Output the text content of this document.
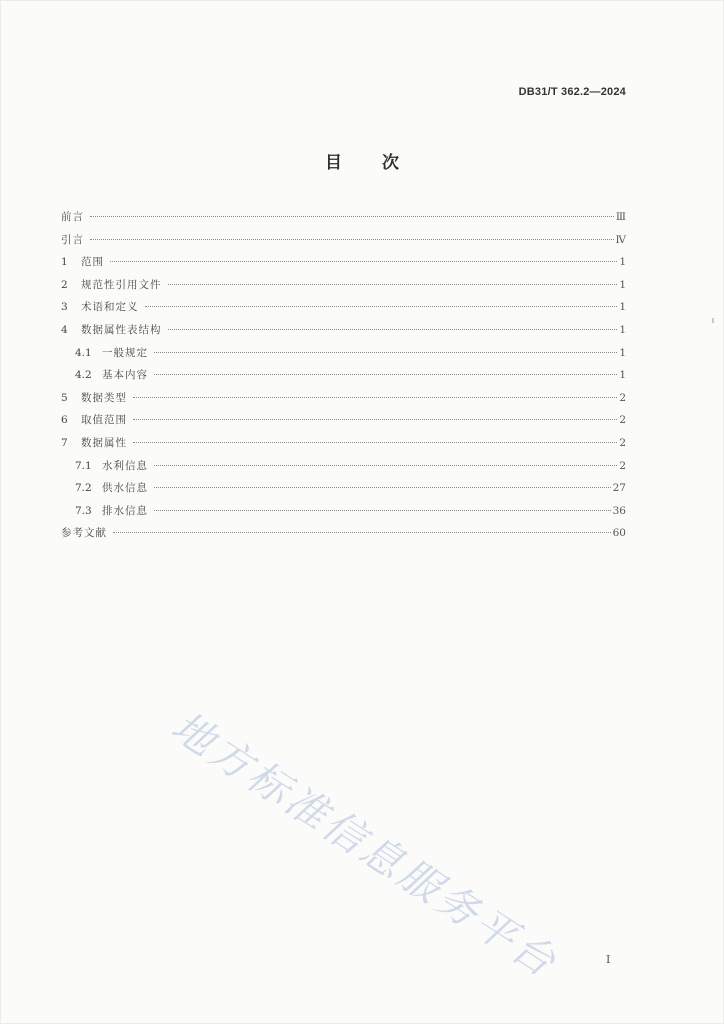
DB31/T 362.2—2024
目次
前言	Ⅲ
引言	Ⅳ
1	范围	1
2	规范性引用文件	1
3	术语和定义	1
4	数据属性表结构	1
4.1 一般规定	1
4.2 基本内容	1
5	数据类型	2
6	取值范围	2
7	数据属性	2
7.1 水利信息	2
7.2 供水信息	27
7.3 排水信息	36
参考文献	60
地方标准信息服务平台	I
